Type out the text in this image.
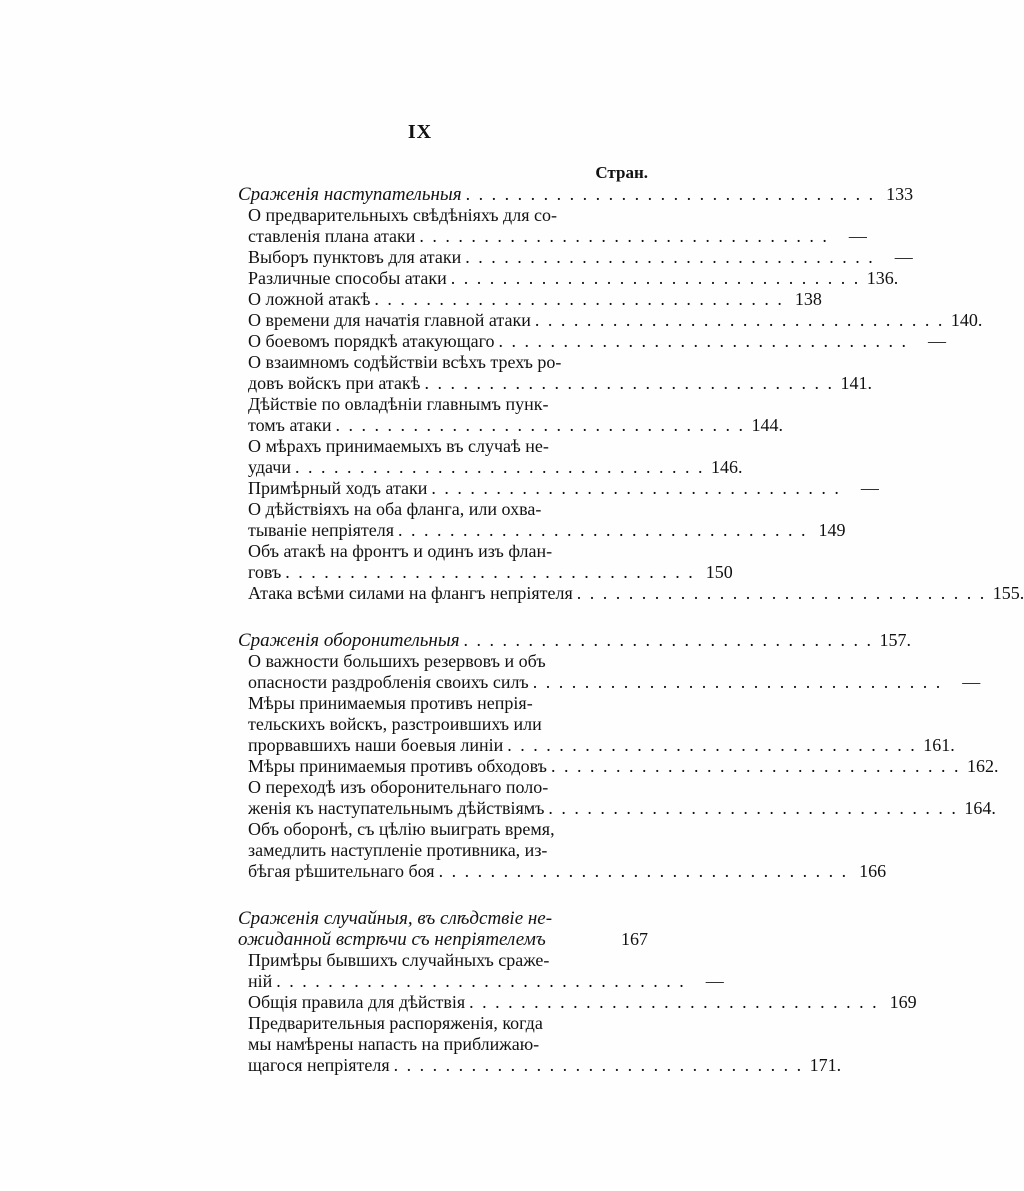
IX
Стран.
Сраженія наступательныя . . . . . . . . . . . . . . . . . . . . . . . . . . . . . . . . 133
О предварительныхъ свѣдѣніяхъ для со-
ставленія плана атаки . . . . . . . . . . . . . . . . . . . . . . . . . . . . . . . .	—
Выборъ пунктовъ для атаки . . . . . . . . . . . . . . . . . . . . . . . . . . . . . . . .	—
Различные способы атаки . . . . . . . . . . . . . . . . . . . . . . . . . . . . . . . . 136.
О ложной атакѣ . . . . . . . . . . . . . . . . . . . . . . . . . . . . . . . . 138
О времени для начатія главной атаки . . . . . . . . . . . . . . . . . . . . . . . . . . . . . . . . 140.
О боевомъ порядкѣ атакующаго . . . . . . . . . . . . . . . . . . . . . . . . . . . . . . . .	—
О взаимномъ содѣйствіи всѣхъ трехъ ро-
довъ войскъ при атакѣ . . . . . . . . . . . . . . . . . . . . . . . . . . . . . . . . 141.
Дѣйствіе по овладѣніи главнымъ пунк-
томъ атаки . . . . . . . . . . . . . . . . . . . . . . . . . . . . . . . . 144.
О мѣрахъ принимаемыхъ въ случаѣ не-
удачи . . . . . . . . . . . . . . . . . . . . . . . . . . . . . . . . 146.
Примѣрный ходъ атаки . . . . . . . . . . . . . . . . . . . . . . . . . . . . . . . .	—
О дѣйствіяхъ на оба фланга, или охва-
тываніе непріятеля . . . . . . . . . . . . . . . . . . . . . . . . . . . . . . . . 149
Объ атакѣ на фронтъ и одинъ изъ флан-
говъ . . . . . . . . . . . . . . . . . . . . . . . . . . . . . . . . 150
Атака всѣми силами на флангъ непріятеля . . . . . . . . . . . . . . . . . . . . . . . . . . . . . . . . 155.
Сраженія оборонительныя . . . . . . . . . . . . . . . . . . . . . . . . . . . . . . . . 157.
О важности большихъ резервовъ и объ
опасности раздробленія своихъ силъ . . . . . . . . . . . . . . . . . . . . . . . . . . . . . . . .	—
Мѣры принимаемыя противъ непрія-
тельскихъ войскъ, разстроившихъ или
прорвавшихъ наши боевыя линіи . . . . . . . . . . . . . . . . . . . . . . . . . . . . . . . . 161.
Мѣры принимаемыя противъ обходовъ . . . . . . . . . . . . . . . . . . . . . . . . . . . . . . . . 162.
О переходѣ изъ оборонительнаго поло-
женія къ наступательнымъ дѣйствіямъ . . . . . . . . . . . . . . . . . . . . . . . . . . . . . . . . 164.
Объ оборонѣ, съ цѣлію выиграть время,
замедлить наступленіе противника, из-
бѣгая рѣшительнаго боя . . . . . . . . . . . . . . . . . . . . . . . . . . . . . . . . 166
Сраженія случайныя, въ слѣдствіе не-
ожиданной встрѣчи съ непріятелемъ	167
Примѣры бывшихъ случайныхъ сраже-
ній . . . . . . . . . . . . . . . . . . . . . . . . . . . . . . . .	—
Общія правила для дѣйствія . . . . . . . . . . . . . . . . . . . . . . . . . . . . . . . . 169
Предварительныя распоряженія, когда
мы намѣрены напасть на приближаю-
щагося непріятеля . . . . . . . . . . . . . . . . . . . . . . . . . . . . . . . . 171.
